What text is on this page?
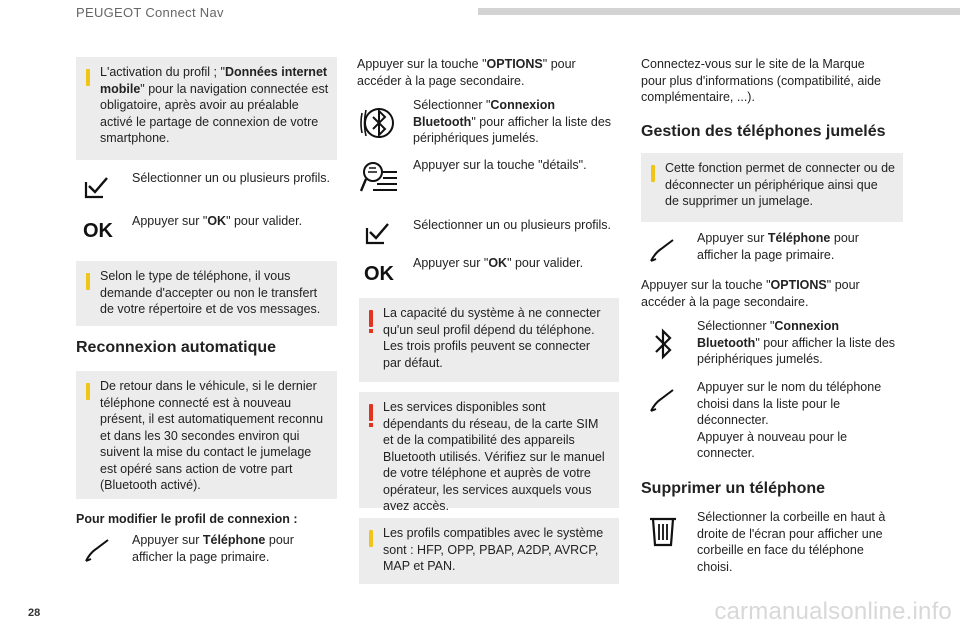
PEUGEOT Connect Nav
L'activation du profil ; "Données internet mobile" pour la navigation connectée est obligatoire, après avoir au préalable activé le partage de connexion de votre smartphone.
Sélectionner un ou plusieurs profils.
OK Appuyer sur "OK" pour valider.
Selon le type de téléphone, il vous demande d'accepter ou non le transfert de votre répertoire et de vos messages.
Reconnexion automatique
De retour dans le véhicule, si le dernier téléphone connecté est à nouveau présent, il est automatiquement reconnu et dans les 30 secondes environ qui suivent la mise du contact le jumelage est opéré sans action de votre part (Bluetooth activé).
Pour modifier le profil de connexion :
Appuyer sur Téléphone pour afficher la page primaire.
Appuyer sur la touche "OPTIONS" pour accéder à la page secondaire.
Sélectionner "Connexion Bluetooth" pour afficher la liste des périphériques jumelés.
Appuyer sur la touche "détails".
Sélectionner un ou plusieurs profils.
OK Appuyer sur "OK" pour valider.
La capacité du système à ne connecter qu'un seul profil dépend du téléphone. Les trois profils peuvent se connecter par défaut.
Les services disponibles sont dépendants du réseau, de la carte SIM et de la compatibilité des appareils Bluetooth utilisés. Vérifiez sur le manuel de votre téléphone et auprès de votre opérateur, les services auxquels vous avez accès.
Les profils compatibles avec le système sont : HFP, OPP, PBAP, A2DP, AVRCP, MAP et PAN.
Connectez-vous sur le site de la Marque pour plus d'informations (compatibilité, aide complémentaire, ...).
Gestion des téléphones jumelés
Cette fonction permet de connecter ou de déconnecter un périphérique ainsi que de supprimer un jumelage.
Appuyer sur Téléphone pour afficher la page primaire.
Appuyer sur la touche "OPTIONS" pour accéder à la page secondaire.
Sélectionner "Connexion Bluetooth" pour afficher la liste des périphériques jumelés.
Appuyer sur le nom du téléphone choisi dans la liste pour le déconnecter.
Appuyer à nouveau pour le connecter.
Supprimer un téléphone
Sélectionner la corbeille en haut à droite de l'écran pour afficher une corbeille en face du téléphone choisi.
28	carmanualsonline.info
